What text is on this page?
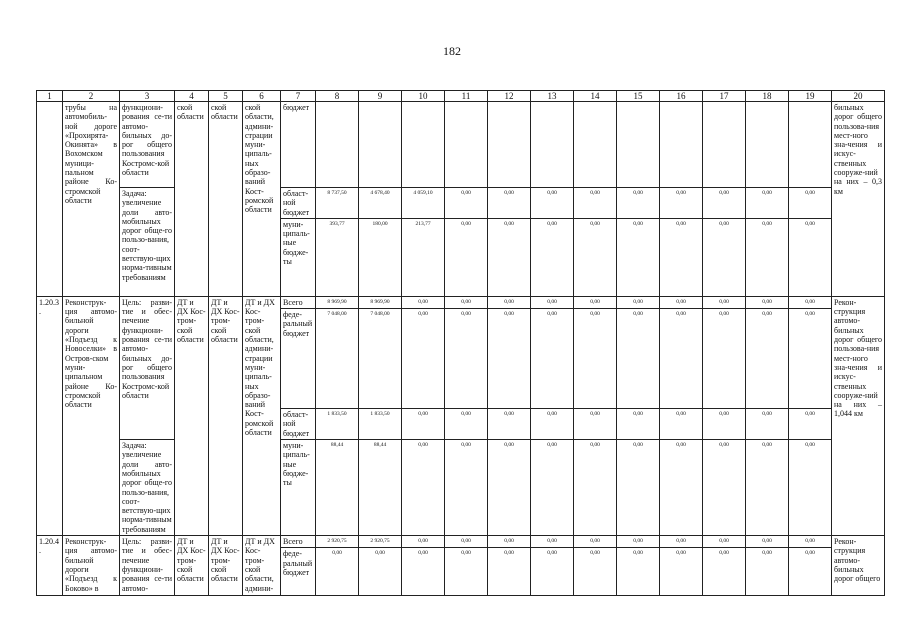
182
1	2	3	4	5	6	7	8	9	10	11	12	13	14	15	16	17	18	19	20
	трубы на автомобиль-ной дороге «Прохирята-Окинята» в Вохомском муници-пальном районе Ко-стромской области	функциони-рования се-ти автомо-бильных до-рог общего пользования Костромс-кой области	ской области	ской области	ской области, админи-страции муни-ципаль-ных образо-ваний Кост-ромской области	бюджет													бильных дорог общего пользова-ния мест-ного зна-чения и искус-ственных сооруже-ний на них – 0,3 км
		Задача: увеличение доли авто-мобильных дорог обще-го пользо-вания, соот-ветствую-щих норма-тивным требованиям				област-ной бюджет	8 737,50	4 678,40	4 059,10	0,00	0,00	0,00	0,00	0,00	0,00	0,00	0,00	0,00	
						муни-ципаль-ные бюдже-ты	393,77	180,00	213,77	0,00	0,00	0,00	0,00	0,00	0,00	0,00	0,00	0,00	
1.20.3.	Реконструк-ция автомо-бильной дороги «Подъезд к Новоселки» в Остров-ском муни-ципальном районе Ко-стромской области	Цель: разви-тие и обес-печение функциони-рования се-ти автомо-бильных до-рог общего пользования Костромс-кой области	ДТ и ДХ Кос-тром-ской области	ДТ и ДХ Кос-тром-ской области	ДТ и ДХ Кос-тром-ской области, админи-страции муни-ципаль-ных образо-ваний Кост-ромской области	Всего	8 969,90	8 969,90	0,00	0,00	0,00	0,00	0,00	0,00	0,00	0,00	0,00	0,00	Рекон-струкция автомо-бильных дорог общего пользова-ния мест-ного зна-чения и искус-ственных сооруже-ний на них – 1,044 км
						феде-ральный бюджет	7 048,00	7 048,00	0,00	0,00	0,00	0,00	0,00	0,00	0,00	0,00	0,00	0,00	
						област-ной бюджет	1 833,50	1 833,50	0,00	0,00	0,00	0,00	0,00	0,00	0,00	0,00	0,00	0,00	
		Задача: увеличение доли авто-мобильных дорог обще-го пользо-вания, соот-ветствую-щих норма-тивным требованиям				муни-ципаль-ные бюдже-ты	88,44	88,44	0,00	0,00	0,00	0,00	0,00	0,00	0,00	0,00	0,00	0,00	
1.20.4.	Реконструк-ция автомо-бильной дороги «Подъезд к Боково» в	Цель: разви-тие и обес-печение функциони-рования се-ти автомо-	ДТ и ДХ Кос-тром-ской области	ДТ и ДХ Кос-тром-ской области	ДТ и ДХ Кос-тром-ской области, админи-	Всего	2 920,75	2 920,75	0,00	0,00	0,00	0,00	0,00	0,00	0,00	0,00	0,00	0,00	Рекон-струкция автомо-бильных дорог общего
						феде-ральный бюджет	0,00	0,00	0,00	0,00	0,00	0,00	0,00	0,00	0,00	0,00	0,00	0,00	
